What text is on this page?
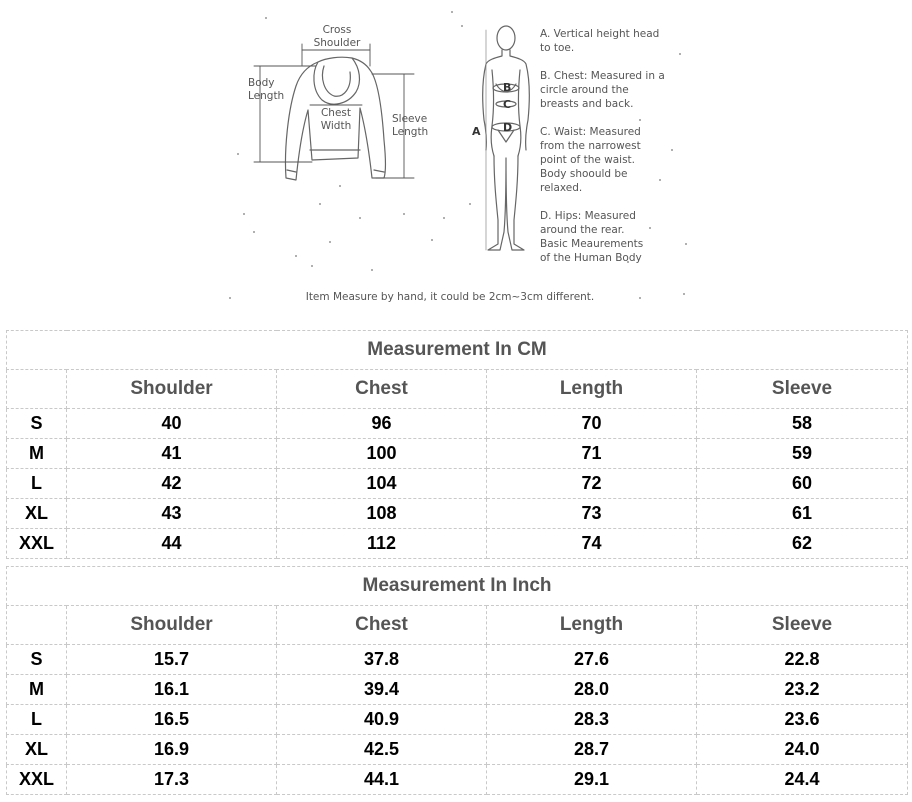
Cross
Shoulder
Body
Length
Chest
Width
Sleeve
Length	A
B
C
D
A. Vertical height head
to toe.
B. Chest: Measured in a
circle around the
breasts and back.
C. Waist: Measured
from the narrowest
point of the waist.
Body shoould be
relaxed.
D. Hips: Measured
around the rear.
Basic Meaurements
of the Human Body
Item Measure by hand, it could be 2cm~3cm different.
Measurement In CM				
	Shoulder	Chest	Length	Sleeve
S	40	96	70	58
M	41	100	71	59
L	42	104	72	60
XL	43	108	73	61
XXL	44	112	74	62
Measurement In Inch				
	Shoulder	Chest	Length	Sleeve
S	15.7	37.8	27.6	22.8
M	16.1	39.4	28.0	23.2
L	16.5	40.9	28.3	23.6
XL	16.9	42.5	28.7	24.0
XXL	17.3	44.1	29.1	24.4
